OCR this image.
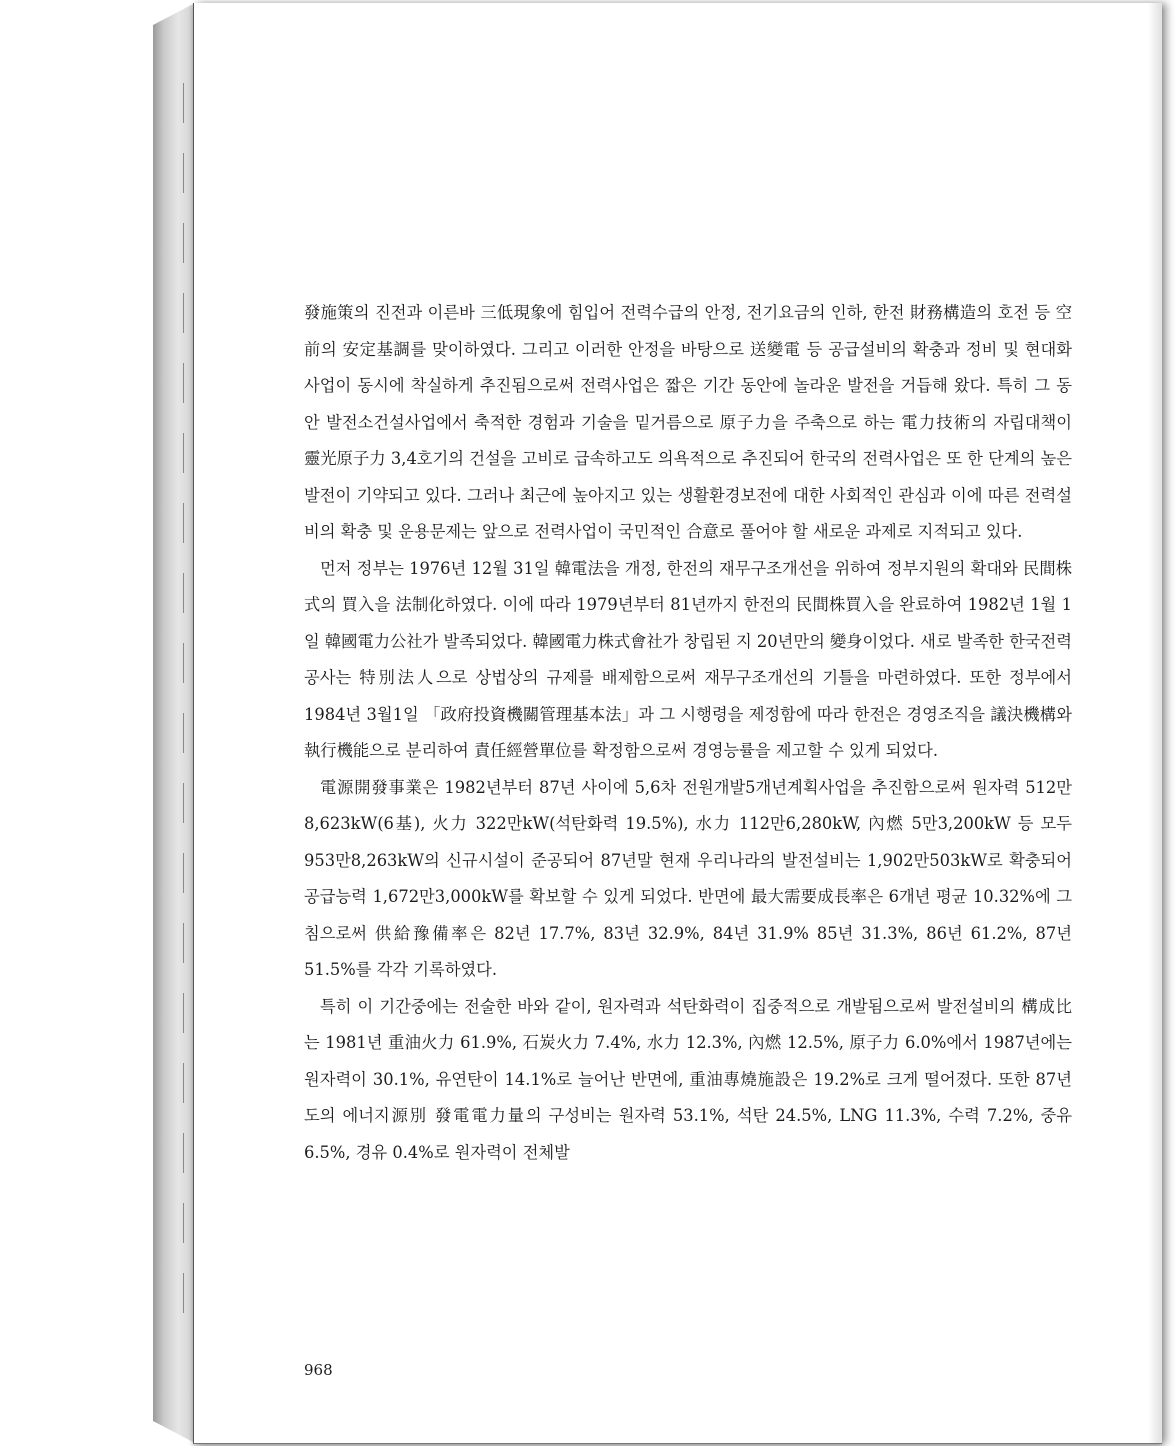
發施策의 진전과 이른바 三低現象에 힘입어 전력수급의 안정, 전기요금의 인하, 한전 財務構造의 호전 등 空前의 安定基調를 맞이하였다. 그리고 이러한 안정을 바탕으로 送變電 등 공급설비의 확충과 정비 및 현대화사업이 동시에 착실하게 추진됨으로써 전력사업은 짧은 기간 동안에 놀라운 발전을 거듭해 왔다. 특히 그 동안 발전소건설사업에서 축적한 경험과 기술을 밑거름으로 原子力을 주축으로 하는 電力技術의 자립대책이 靈光原子力 3,4호기의 건설을 고비로 급속하고도 의욕적으로 추진되어 한국의 전력사업은 또 한 단계의 높은 발전이 기약되고 있다. 그러나 최근에 높아지고 있는 생활환경보전에 대한 사회적인 관심과 이에 따른 전력설비의 확충 및 운용문제는 앞으로 전력사업이 국민적인 合意로 풀어야 할 새로운 과제로 지적되고 있다.

먼저 정부는 1976년 12월 31일 韓電法을 개정, 한전의 재무구조개선을 위하여 정부지원의 확대와 民間株式의 買入을 法制化하였다. 이에 따라 1979년부터 81년까지 한전의 民間株買入을 완료하여 1982년 1월 1일 韓國電力公社가 발족되었다. 韓國電力株式會社가 창립된 지 20년만의 變身이었다. 새로 발족한 한국전력공사는 特別法人으로 상법상의 규제를 배제함으로써 재무구조개선의 기틀을 마련하였다. 또한 정부에서 1984년 3월1일 「政府投資機關管理基本法」과 그 시행령을 제정함에 따라 한전은 경영조직을 議決機構와 執行機能으로 분리하여 責任經營單位를 확정함으로써 경영능률을 제고할 수 있게 되었다.

電源開發事業은 1982년부터 87년 사이에 5,6차 전원개발5개년계획사업을 추진함으로써 원자력 512만8,623kW(6基), 火力 322만kW(석탄화력 19.5%), 水力 112만6,280kW, 內燃 5만3,200kW 등 모두 953만8,263kW의 신규시설이 준공되어 87년말 현재 우리나라의 발전설비는 1,902만503kW로 확충되어 공급능력 1,672만3,000kW를 확보할 수 있게 되었다. 반면에 最大需要成長率은 6개년 평균 10.32%에 그침으로써 供給豫備率은 82년 17.7%, 83년 32.9%, 84년 31.9% 85년 31.3%, 86년 61.2%, 87년 51.5%를 각각 기록하였다.

특히 이 기간중에는 전술한 바와 같이, 원자력과 석탄화력이 집중적으로 개발됨으로써 발전설비의 構成比는 1981년 重油火力 61.9%, 石炭火力 7.4%, 水力 12.3%, 內燃 12.5%, 原子力 6.0%에서 1987년에는 원자력이 30.1%, 유연탄이 14.1%로 늘어난 반면에, 重油專燒施設은 19.2%로 크게 떨어졌다. 또한 87년도의 에너지源別 發電電力量의 구성비는 원자력 53.1%, 석탄 24.5%, LNG 11.3%, 수력 7.2%, 중유 6.5%, 경유 0.4%로 원자력이 전체발

968
